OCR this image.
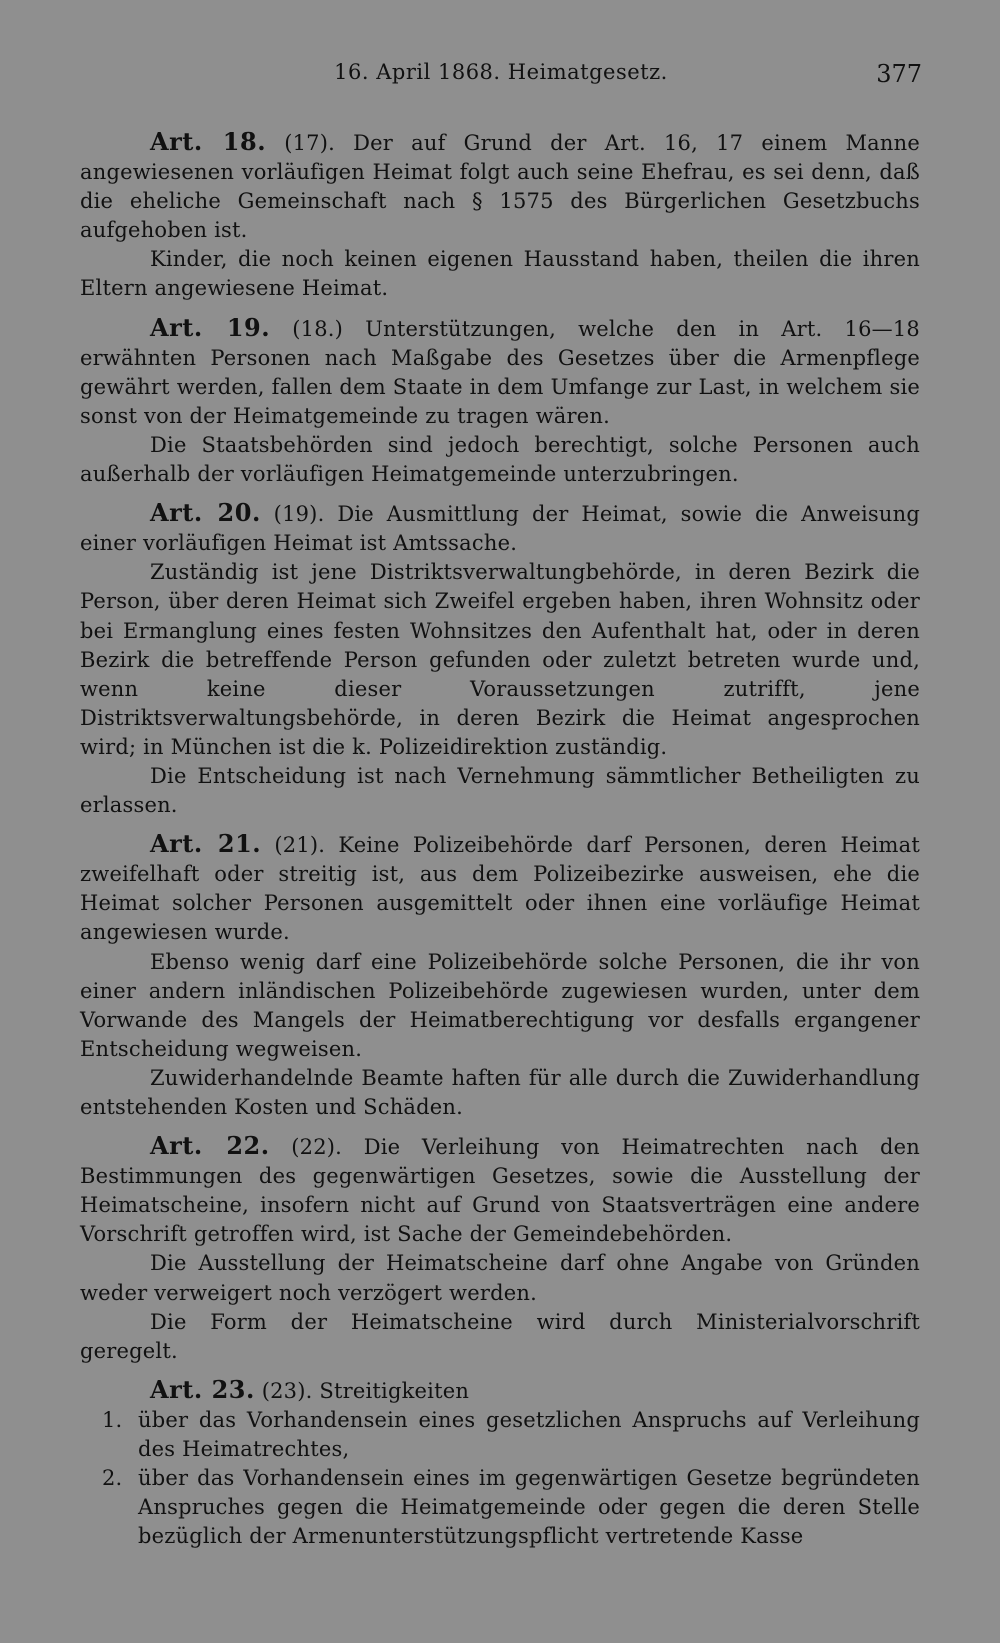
16. April 1868. Heimatgesetz.	377

Art. 18. (17). Der auf Grund der Art. 16, 17 einem Manne angewiesenen vorläufigen Heimat folgt auch seine Ehefrau, es sei denn, daß die eheliche Gemeinschaft nach § 1575 des Bürgerlichen Gesetzbuchs aufgehoben ist.

Kinder, die noch keinen eigenen Hausstand haben, theilen die ihren Eltern angewiesene Heimat.

Art. 19. (18.) Unterstützungen, welche den in Art. 16—18 erwähnten Personen nach Maßgabe des Gesetzes über die Armenpflege gewährt werden, fallen dem Staate in dem Umfange zur Last, in welchem sie sonst von der Heimatgemeinde zu tragen wären.

Die Staatsbehörden sind jedoch berechtigt, solche Personen auch außerhalb der vorläufigen Heimatgemeinde unterzubringen.

Art. 20. (19). Die Ausmittlung der Heimat, sowie die Anweisung einer vorläufigen Heimat ist Amtssache.

Zuständig ist jene Distriktsverwaltungbehörde, in deren Bezirk die Person, über deren Heimat sich Zweifel ergeben haben, ihren Wohnsitz oder bei Ermanglung eines festen Wohnsitzes den Aufenthalt hat, oder in deren Bezirk die betreffende Person gefunden oder zuletzt betreten wurde und, wenn keine dieser Voraussetzungen zutrifft, jene Distriktsverwaltungsbehörde, in deren Bezirk die Heimat angesprochen wird; in München ist die k. Polizeidirektion zuständig.

Die Entscheidung ist nach Vernehmung sämmtlicher Betheiligten zu erlassen.

Art. 21. (21). Keine Polizeibehörde darf Personen, deren Heimat zweifelhaft oder streitig ist, aus dem Polizeibezirke ausweisen, ehe die Heimat solcher Personen ausgemittelt oder ihnen eine vorläufige Heimat angewiesen wurde.

Ebenso wenig darf eine Polizeibehörde solche Personen, die ihr von einer andern inländischen Polizeibehörde zugewiesen wurden, unter dem Vorwande des Mangels der Heimatberechtigung vor desfalls ergangener Entscheidung wegweisen.

Zuwiderhandelnde Beamte haften für alle durch die Zuwiderhandlung entstehenden Kosten und Schäden.

Art. 22. (22). Die Verleihung von Heimatrechten nach den Bestimmungen des gegenwärtigen Gesetzes, sowie die Ausstellung der Heimatscheine, insofern nicht auf Grund von Staatsverträgen eine andere Vorschrift getroffen wird, ist Sache der Gemeindebehörden.

Die Ausstellung der Heimatscheine darf ohne Angabe von Gründen weder verweigert noch verzögert werden.

Die Form der Heimatscheine wird durch Ministerialvorschrift geregelt.

Art. 23. (23). Streitigkeiten

1. über das Vorhandensein eines gesetzlichen Anspruchs auf Verleihung des Heimatrechtes,
2. über das Vorhandensein eines im gegenwärtigen Gesetze begründeten Anspruches gegen die Heimatgemeinde oder gegen die deren Stelle bezüglich der Armenunterstützungspflicht vertretende Kasse
